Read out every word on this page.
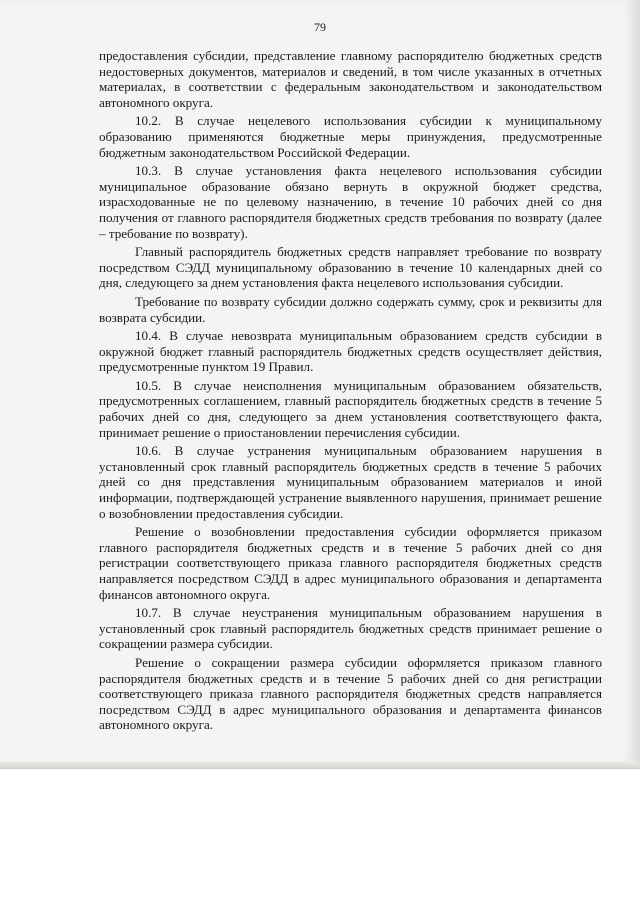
79

предоставления субсидии, представление главному распорядителю бюджетных средств недостоверных документов, материалов и сведений, в том числе указанных в отчетных материалах, в соответствии с федеральным законодательством и законодательством автономного округа.

10.2. В случае нецелевого использования субсидии к муниципальному образованию применяются бюджетные меры принуждения, предусмотренные бюджетным законодательством Российской Федерации.

10.3. В случае установления факта нецелевого использования субсидии муниципальное образование обязано вернуть в окружной бюджет средства, израсходованные не по целевому назначению, в течение 10 рабочих дней со дня получения от главного распорядителя бюджетных средств требования по возврату (далее – требование по возврату).

Главный распорядитель бюджетных средств направляет требование по возврату посредством СЭДД муниципальному образованию в течение 10 календарных дней со дня, следующего за днем установления факта нецелевого использования субсидии.

Требование по возврату субсидии должно содержать сумму, срок и реквизиты для возврата субсидии.

10.4. В случае невозврата муниципальным образованием средств субсидии в окружной бюджет главный распорядитель бюджетных средств осуществляет действия, предусмотренные пунктом 19 Правил.

10.5. В случае неисполнения муниципальным образованием обязательств, предусмотренных соглашением, главный распорядитель бюджетных средств в течение 5 рабочих дней со дня, следующего за днем установления соответствующего факта, принимает решение о приостановлении перечисления субсидии.

10.6. В случае устранения муниципальным образованием нарушения в установленный срок главный распорядитель бюджетных средств в течение 5 рабочих дней со дня представления муниципальным образованием материалов и иной информации, подтверждающей устранение выявленного нарушения, принимает решение о возобновлении предоставления субсидии.

Решение о возобновлении предоставления субсидии оформляется приказом главного распорядителя бюджетных средств и в течение 5 рабочих дней со дня регистрации соответствующего приказа главного распорядителя бюджетных средств направляется посредством СЭДД в адрес муниципального образования и департамента финансов автономного округа.

10.7. В случае неустранения муниципальным образованием нарушения в установленный срок главный распорядитель бюджетных средств принимает решение о сокращении размера субсидии.

Решение о сокращении размера субсидии оформляется приказом главного распорядителя бюджетных средств и в течение 5 рабочих дней со дня регистрации соответствующего приказа главного распорядителя бюджетных средств направляется посредством СЭДД в адрес муниципального образования и департамента финансов автономного округа.
